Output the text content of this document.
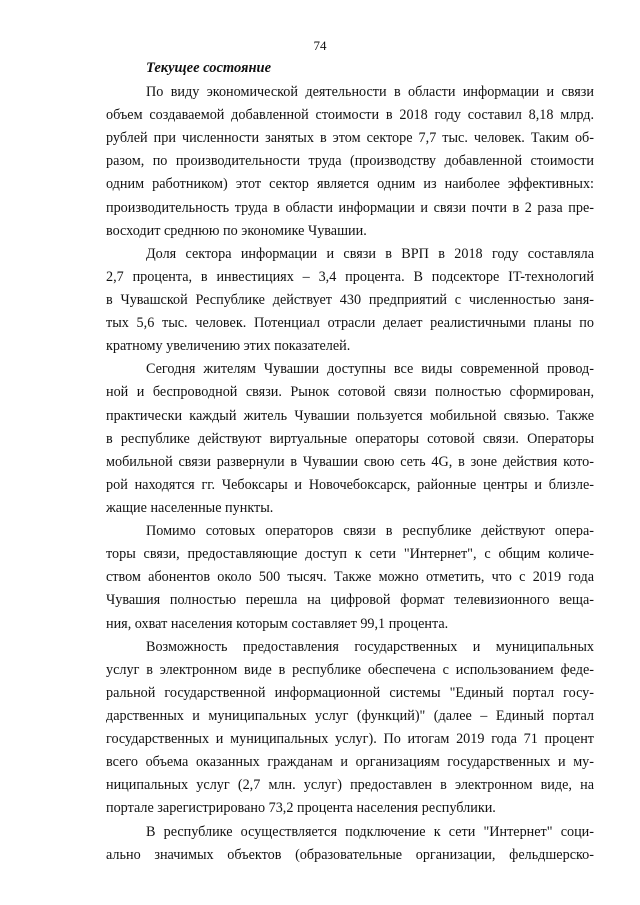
74
Текущее состояние
По виду экономической деятельности в области информации и связи
объем создаваемой добавленной стоимости в 2018 году составил 8,18 млрд.
рублей при численности занятых в этом секторе 7,7 тыс. человек. Таким об-
разом, по производительности труда (производству добавленной стоимости
одним работником) этот сектор является одним из наиболее эффективных:
производительность труда в области информации и связи почти в 2 раза пре-
восходит среднюю по экономике Чувашии.
Доля сектора информации и связи в ВРП в 2018 году составляла
2,7 процента, в инвестициях – 3,4 процента. В подсекторе IT-технологий
в Чувашской Республике действует 430 предприятий с численностью заня-
тых 5,6 тыс. человек. Потенциал отрасли делает реалистичными планы по
кратному увеличению этих показателей.
Сегодня жителям Чувашии доступны все виды современной провод-
ной и беспроводной связи. Рынок сотовой связи полностью сформирован,
практически каждый житель Чувашии пользуется мобильной связью. Также
в республике действуют виртуальные операторы сотовой связи. Операторы
мобильной связи развернули в Чувашии свою сеть 4G, в зоне действия кото-
рой находятся гг. Чебоксары и Новочебоксарск, районные центры и близле-
жащие населенные пункты.
Помимо сотовых операторов связи в республике действуют опера-
торы связи, предоставляющие доступ к сети "Интернет", с общим количе-
ством абонентов около 500 тысяч. Также можно отметить, что с 2019 года
Чувашия полностью перешла на цифровой формат телевизионного веща-
ния, охват населения которым составляет 99,1 процента.
Возможность предоставления государственных и муниципальных
услуг в электронном виде в республике обеспечена с использованием феде-
ральной государственной информационной системы "Единый портал госу-
дарственных и муниципальных услуг (функций)" (далее – Единый портал
государственных и муниципальных услуг). По итогам 2019 года 71 процент
всего объема оказанных гражданам и организациям государственных и му-
ниципальных услуг (2,7 млн. услуг) предоставлен в электронном виде, на
портале зарегистрировано 73,2 процента населения республики.
В республике осуществляется подключение к сети "Интернет" соци-
ально значимых объектов (образовательные организации, фельдшерско-
